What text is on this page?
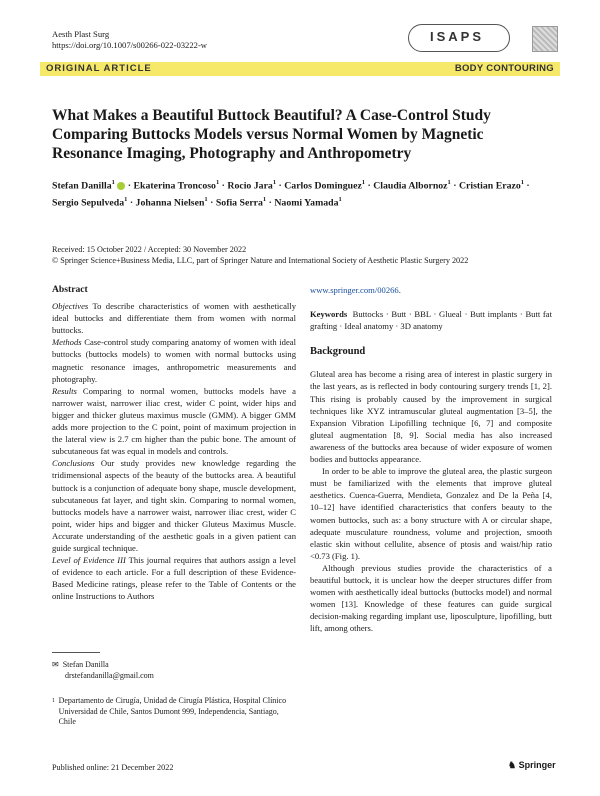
Aesth Plast Surg
https://doi.org/10.1007/s00266-022-03222-w
ISAPS
ORIGINAL ARTICLE	BODY CONTOURING
What Makes a Beautiful Buttock Beautiful? A Case-Control Study Comparing Buttocks Models versus Normal Women by Magnetic Resonance Imaging, Photography and Anthropometry
Stefan Danilla$^1$  · Ekaterina Troncoso$^1$ · Rocio Jara$^1$ · Carlos Dominguez$^1$ · Claudia Albornoz$^1$ · Cristian Erazo$^1$ · Sergio Sepulveda$^1$ · Johanna Nielsen$^1$ · Sofia Serra$^1$ · Naomi Yamada$^1$
Received: 15 October 2022 / Accepted: 30 November 2022
© Springer Science+Business Media, LLC, part of Springer Nature and International Society of Aesthetic Plastic Surgery 2022
Abstract

Objectives To describe characteristics of women with aesthetically ideal buttocks and differentiate them from women with normal buttocks.

Methods Case-control study comparing anatomy of women with ideal buttocks (buttocks models) to women with normal buttocks using magnetic resonance images, anthropometric measurements and photography.

Results Comparing to normal women, buttocks models have a narrower waist, narrower iliac crest, wider C point, wider hips and bigger and thicker gluteus maximus muscle (GMM). A bigger GMM adds more projection to the C point, point of maximum projection in the lateral view is 2.7 cm higher than the pubic bone. The amount of subcutaneous fat was equal in models and controls.

Conclusions Our study provides new knowledge regarding the tridimensional aspects of the beauty of the buttocks area. A beautiful buttock is a conjunction of adequate bony shape, muscle development, subcutaneous fat layer, and tight skin. Comparing to normal women, buttocks models have a narrower waist, narrower iliac crest, wider C point, wider hips and bigger and thicker Gluteus Maximus Muscle. Accurate understanding of the aesthetic goals in a given patient can guide surgical technique.

Level of Evidence III This journal requires that authors assign a level of evidence to each article. For a full description of these Evidence-Based Medicine ratings, please refer to the Table of Contents or the online Instructions to Authors

www.springer.com/00266.

Keywords Buttocks · Butt · BBL · Glueal · Butt implants · Butt fat grafting · Ideal anatomy · 3D anatomy

Background

Gluteal area has become a rising area of interest in plastic surgery in the last years, as is reflected in body contouring surgery trends [1, 2]. This rising is probably caused by the improvement in surgical techniques like XYZ intramuscular gluteal augmentation [3–5], the Expansion Vibration Lipofilling technique [6, 7] and composite gluteal augmentation [8, 9]. Social media has also increased awareness of the buttocks area because of wider exposure of women bodies and buttocks appearance.

In order to be able to improve the gluteal area, the plastic surgeon must be familiarized with the elements that improve gluteal aesthetics. Cuenca-Guerra, Mendieta, Gonzalez and De la Peña [4, 10–12] have identified characteristics that confers beauty to the women buttocks, such as: a bony structure with A or circular shape, adequate musculature roundness, volume and projection, smooth elastic skin without cellulite, absence of ptosis and waist/hip ratio <0.73 (Fig. 1).

Although previous studies provide the characteristics of a beautiful buttock, it is unclear how the deeper structures differ from women with aesthetically ideal buttocks (buttocks model) and normal women [13]. Knowledge of these features can guide surgical decision-making regarding implant use, liposculpture, lipofilling, butt lift, among others.

✉ Stefan Danilla
drstefandanilla@gmail.com
1 Departamento de Cirugía, Unidad de Cirugía Plástica, Hospital Clínico Universidad de Chile, Santos Dumont 999, Independencia, Santiago, Chile
Published online: 21 December 2022	♞ Springer
